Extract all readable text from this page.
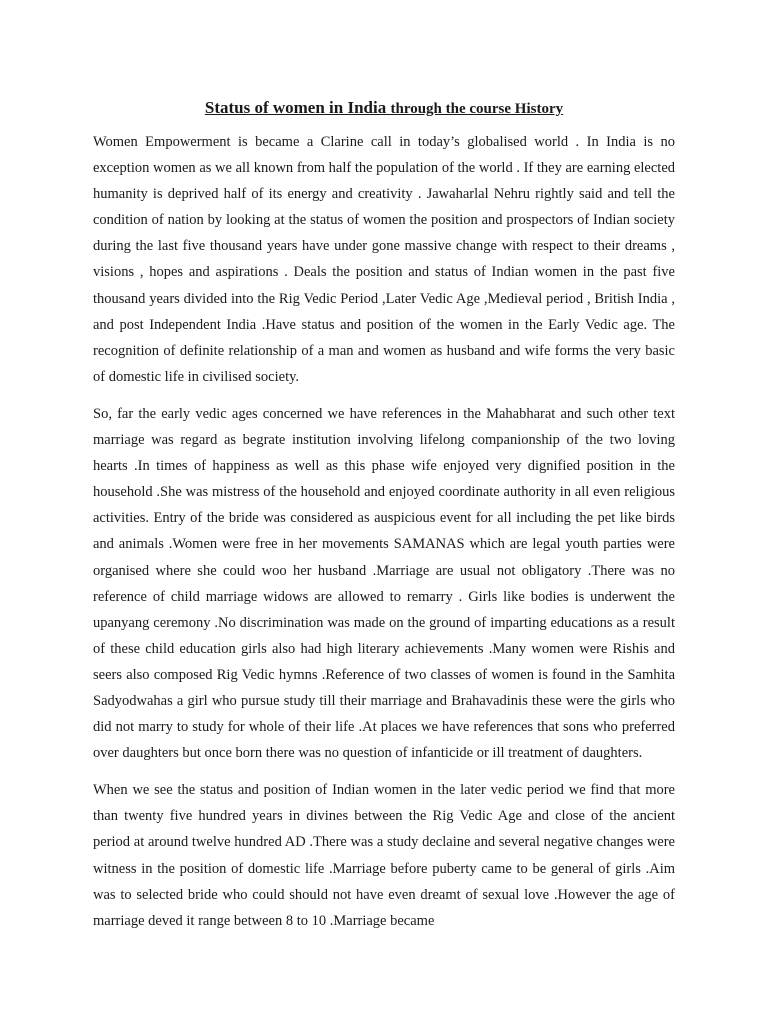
Status of women in India through the course History

Women Empowerment is became a Clarine call in today’s globalised world . In India is no exception women as we all known from half the population of the world . If they are earning elected humanity is deprived half of its energy and creativity . Jawaharlal Nehru rightly said and tell the condition of nation by looking at the status of women the position and prospectors of Indian society during the last five thousand years have under gone massive change with respect to their dreams , visions , hopes and aspirations . Deals the position and status of Indian women in the past five thousand years divided into the Rig Vedic Period ,Later Vedic Age ,Medieval period , British India , and post Independent India .Have status and position of the women in the Early Vedic age. The recognition of definite relationship of a man and women as husband and wife forms the very basic of domestic life in civilised society.

So, far the early vedic ages concerned we have references in the Mahabharat and such other text marriage was regard as begrate institution involving lifelong companionship of the two loving hearts .In times of happiness as well as this phase wife enjoyed very dignified position in the household .She was mistress of the household and enjoyed coordinate authority in all even religious activities. Entry of the bride was considered as auspicious event for all including the pet like birds and animals .Women were free in her movements SAMANAS which are legal youth parties were organised where she could woo her husband .Marriage are usual not obligatory .There was no reference of child marriage widows are allowed to remarry . Girls like bodies is underwent the upanyang ceremony .No discrimination was made on the ground of imparting educations as a result of these child education girls also had high literary achievements .Many women were Rishis and seers also composed Rig Vedic hymns .Reference of two classes of women is found in the Samhita Sadyodwahas a girl who pursue study till their marriage and Brahavadinis these were the girls who did not marry to study for whole of their life .At places we have references that sons who preferred over daughters but once born there was no question of infanticide or ill treatment of daughters.

When we see the status and position of Indian women in the later vedic period we find that more than twenty five hundred years in divines between the Rig Vedic Age and close of the ancient period at around twelve hundred AD .There was a study declaine and several negative changes were witness in the position of domestic life .Marriage before puberty came to be general of girls .Aim was to selected bride who could should not have even dreamt of sexual love .However the age of marriage deved it range between 8 to 10 .Marriage became
